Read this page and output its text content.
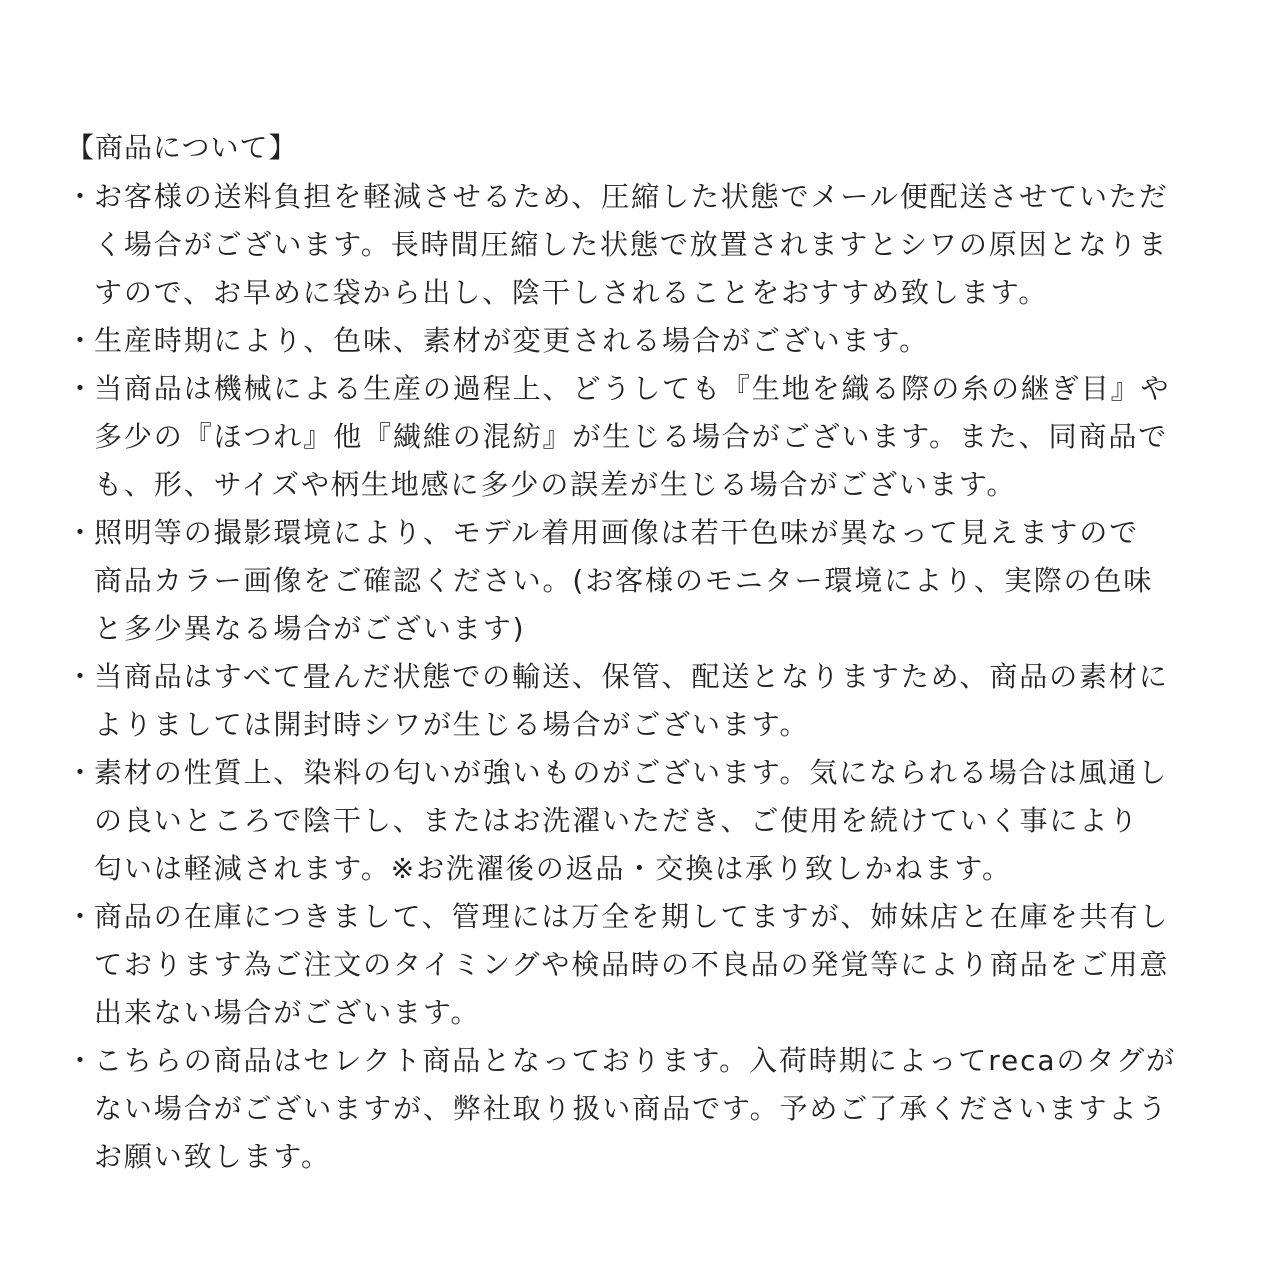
【商品について】
・ お客様の送料負担を軽減させるため、圧縮した状態でメール便配送させていただ
く場合がございます。長時間圧縮した状態で放置されますとシワの原因となりま
すので、お早めに袋から出し、陰干しされることをおすすめ致します。
・ 生産時期により、色味、素材が変更される場合がございます。
・ 当商品は機械による生産の過程上、どうしても『生地を織る際の糸の継ぎ目』や
多少の『ほつれ』他『繊維の混紡』が生じる場合がございます。また、同商品で
も、形、サイズや柄生地感に多少の誤差が生じる場合がございます。
・ 照明等の撮影環境により、モデル着用画像は若干色味が異なって見えますので
商品カラー画像をご確認ください。(お客様のモニター環境により、実際の色味
と多少異なる場合がございます)
・ 当商品はすべて畳んだ状態での輸送、保管、配送となりますため、商品の素材に
よりましては開封時シワが生じる場合がございます。
・ 素材の性質上、染料の匂いが強いものがございます。気になられる場合は風通し
の良いところで陰干し、またはお洗濯いただき、ご使用を続けていく事により
匂いは軽減されます。※お洗濯後の返品・交換は承り致しかねます。
・ 商品の在庫につきまして、管理には万全を期してますが、姉妹店と在庫を共有し
ております為ご注文のタイミングや検品時の不良品の発覚等により商品をご用意
出来ない場合がございます。
・ こちらの商品はセレクト商品となっております。入荷時期によってrecaのタグが
ない場合がございますが、弊社取り扱い商品です。予めご了承くださいますよう
お願い致します。
